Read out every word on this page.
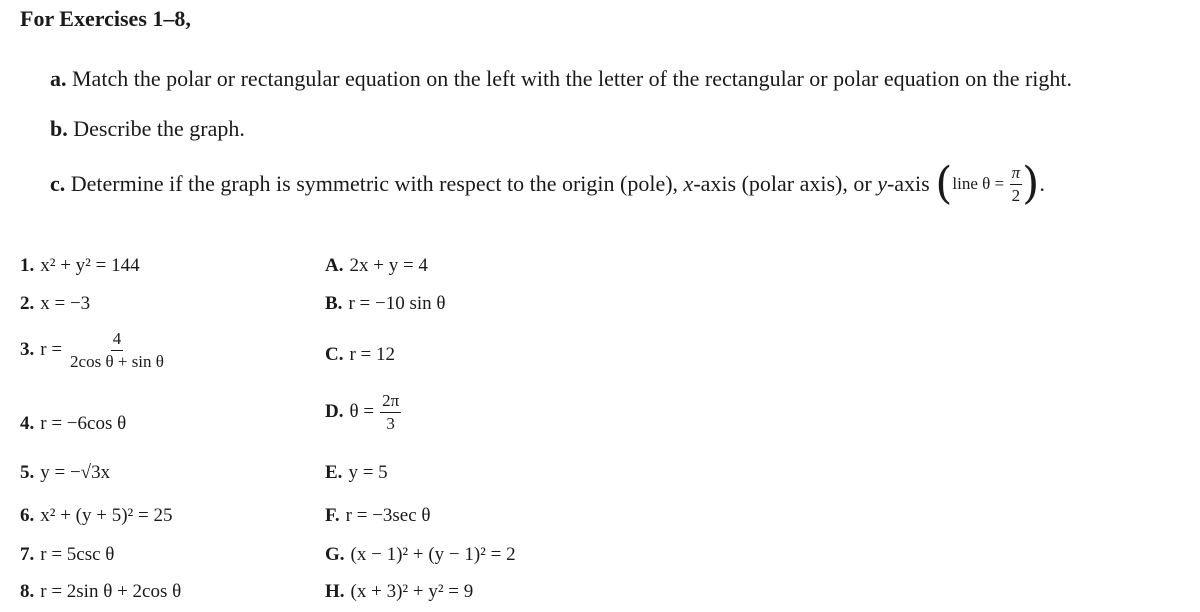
For Exercises 1–8,
a. Match the polar or rectangular equation on the left with the letter of the rectangular or polar equation on the right.
b. Describe the graph.
c.
Determine if the graph is symmetric with respect to the origin (pole), x -axis (polar axis), or y -axis
( line θ =
$\frac{\pi}{2}$ ) .
1. x² + y² = 144
2. x = −3
3. $r = \frac{4}{\text{2cos θ + sin θ}}$
4. r = −6cos θ
5. y = −√3x
6. x² + (y + 5)² = 25
7. r = 5csc θ
8. r = 2sin θ + 2cos θ
A. 2x + y = 4
B. r = −10 sin θ
C. r = 12
D. $\theta = \frac{2\pi}{3}$
E. y = 5
F. r = −3sec θ
G. (x − 1)² + (y − 1)² = 2
H. (x + 3)² + y² = 9
